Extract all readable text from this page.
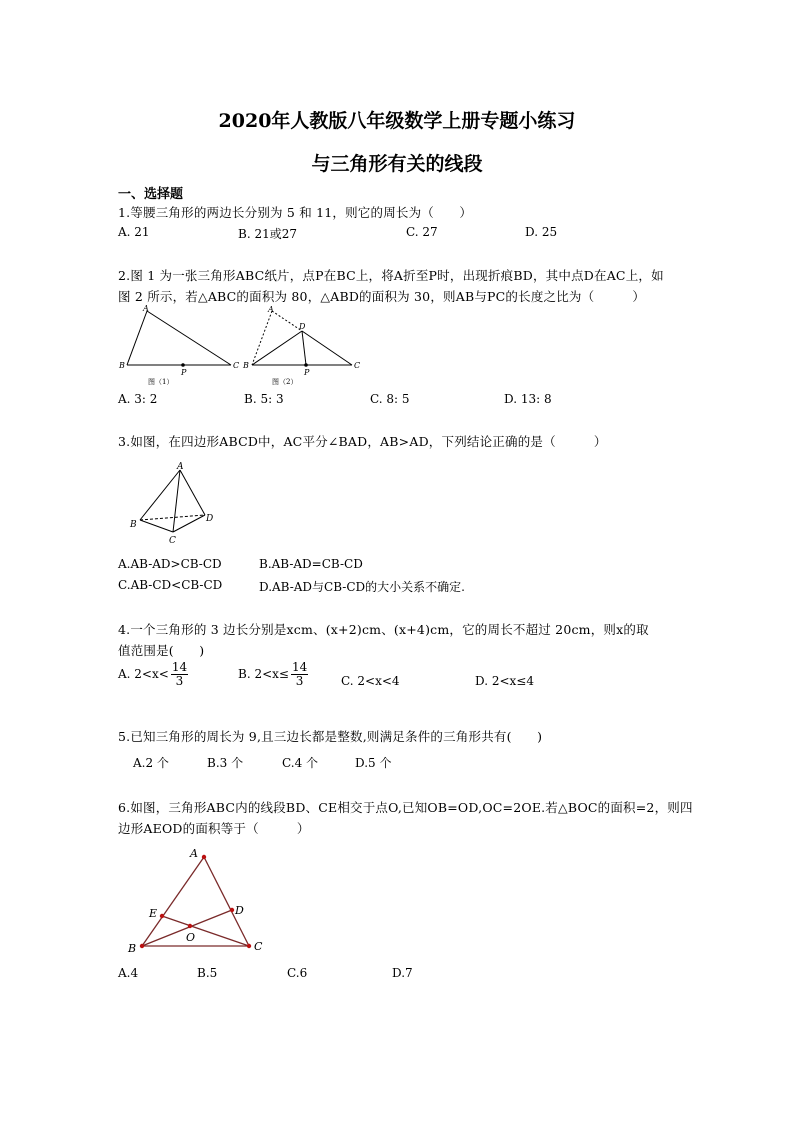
2020年人教版八年级数学上册专题小练习
与三角形有关的线段
一、选择题
1.等腰三角形的两边长分别为 5 和 11，则它的周长为（　　）
A. 21	B. 21或27	C. 27	D. 25
2.图 1 为一张三角形ABC纸片，点P在BC上，将A折至P时，出现折痕BD，其中点D在AC上，如
图 2 所示，若△ABC的面积为 80，△ABD的面积为 30，则AB与PC的长度之比为（　　　）
A
B
P
C
图（1）
A
D
B
P
C
图（2）
A. 3: 2	B. 5: 3	C. 8: 5	D. 13: 8
3.如图，在四边形ABCD中，AC平分∠BAD，AB>AD，下列结论正确的是（　　　）
A
B
C
D
A.AB-AD>CB-CD	B.AB-AD=CB-CD
C.AB-CD<CB-CD	D.AB-AD与CB-CD的大小关系不确定.
4.一个三角形的 3 边长分别是xcm、(x+2)cm、(x+4)cm，它的周长不超过 20cm，则x的取
值范围是(　　)
A. $2<x< \frac{14}{3}$	B. $2<x\le \frac{14}{3}$	C. 2<x<4	D. 2<x≤4
5.已知三角形的周长为 9,且三边长都是整数,则满足条件的三角形共有(　　)
A.2 个	B.3 个	C.4 个	D.5 个
6.如图，三角形ABC内的线段BD、CE相交于点O,已知OB=OD,OC=2OE.若△BOC的面积=2，则四
边形AEOD的面积等于（　　　）
A
E	D
O
B	C
A.4	B.5	C.6	D.7
